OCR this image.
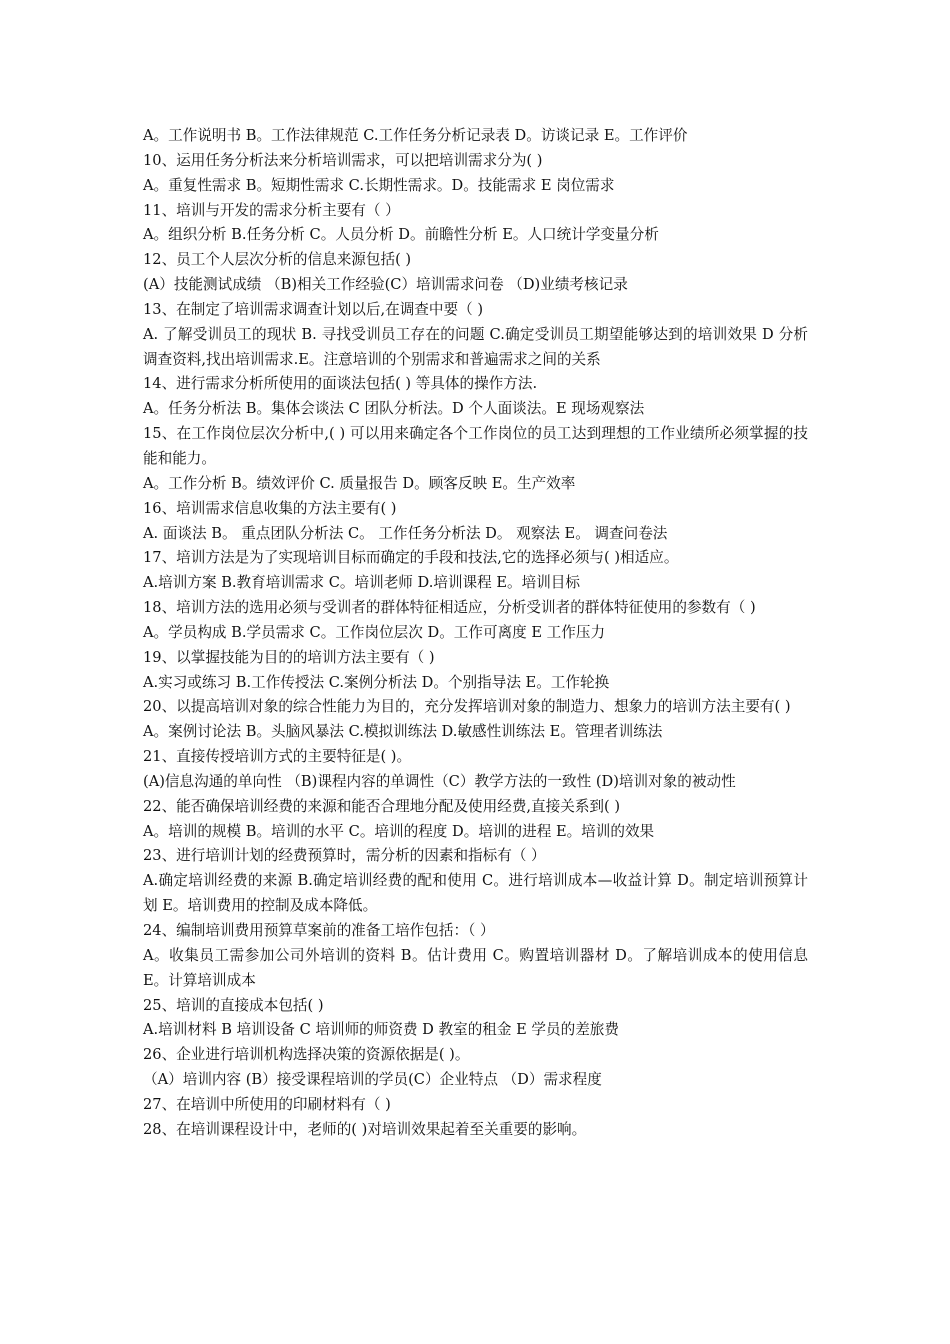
A。工作说明书 B。工作法律规范 C.工作任务分析记录表 D。访谈记录 E。工作评价
10、运用任务分析法来分析培训需求，可以把培训需求分为( )
A。重复性需求 B。短期性需求 C.长期性需求。D。技能需求 E 岗位需求
11、培训与开发的需求分析主要有（ ）
A。组织分析 B.任务分析 C。人员分析 D。前瞻性分析 E。人口统计学变量分析
12、员工个人层次分析的信息来源包括( )
(A）技能测试成绩 （B)相关工作经验(C）培训需求问卷 （D)业绩考核记录
13、在制定了培训需求调查计划以后,在调查中要（ )
A. 了解受训员工的现状 B. 寻找受训员工存在的问题 C.确定受训员工期望能够达到的培训效果 D 分析调查资料,找出培训需求.E。注意培训的个别需求和普遍需求之间的关系
14、进行需求分析所使用的面谈法包括( ) 等具体的操作方法.
A。任务分析法 B。集体会谈法 C 团队分析法。D 个人面谈法。E 现场观察法
15、在工作岗位层次分析中,( ) 可以用来确定各个工作岗位的员工达到理想的工作业绩所必须掌握的技能和能力。
A。工作分析 B。绩效评价 C. 质量报告 D。顾客反映 E。生产效率
16、培训需求信息收集的方法主要有( )
A. 面谈法 B。 重点团队分析法 C。 工作任务分析法 D。 观察法 E。 调查问卷法
17、培训方法是为了实现培训目标而确定的手段和技法,它的选择必须与( )相适应。
A.培训方案 B.教育培训需求 C。培训老师 D.培训课程 E。培训目标
18、培训方法的选用必须与受训者的群体特征相适应，分析受训者的群体特征使用的参数有（ )
A。学员构成 B.学员需求 C。工作岗位层次 D。工作可离度 E 工作压力
19、以掌握技能为目的的培训方法主要有（ )
A.实习或练习 B.工作传授法 C.案例分析法 D。个别指导法 E。工作轮换
20、以提高培训对象的综合性能力为目的，充分发挥培训对象的制造力、想象力的培训方法主要有( )
A。案例讨论法 B。头脑风暴法 C.模拟训练法 D.敏感性训练法 E。管理者训练法
21、直接传授培训方式的主要特征是( )。
(A)信息沟通的单向性 （B)课程内容的单调性（C）教学方法的一致性 (D)培训对象的被动性
22、能否确保培训经费的来源和能否合理地分配及使用经费,直接关系到( )
A。培训的规模 B。培训的水平 C。培训的程度 D。培训的进程 E。培训的效果
23、进行培训计划的经费预算时，需分析的因素和指标有（ ）
A.确定培训经费的来源 B.确定培训经费的配和使用 C。进行培训成本—收益计算 D。制定培训预算计划 E。培训费用的控制及成本降低。
24、编制培训费用预算草案前的准备工培作包括：（ ）
A。收集员工需参加公司外培训的资料 B。估计费用 C。购置培训器材 D。了解培训成本的使用信息 E。计算培训成本
25、培训的直接成本包括( )
A.培训材料 B 培训设备 C 培训师的师资费 D 教室的租金 E 学员的差旅费
26、企业进行培训机构选择决策的资源依据是( )。
（A）培训内容 (B）接受课程培训的学员(C）企业特点 （D）需求程度
27、在培训中所使用的印刷材料有（ )
28、在培训课程设计中，老师的( )对培训效果起着至关重要的影响。
